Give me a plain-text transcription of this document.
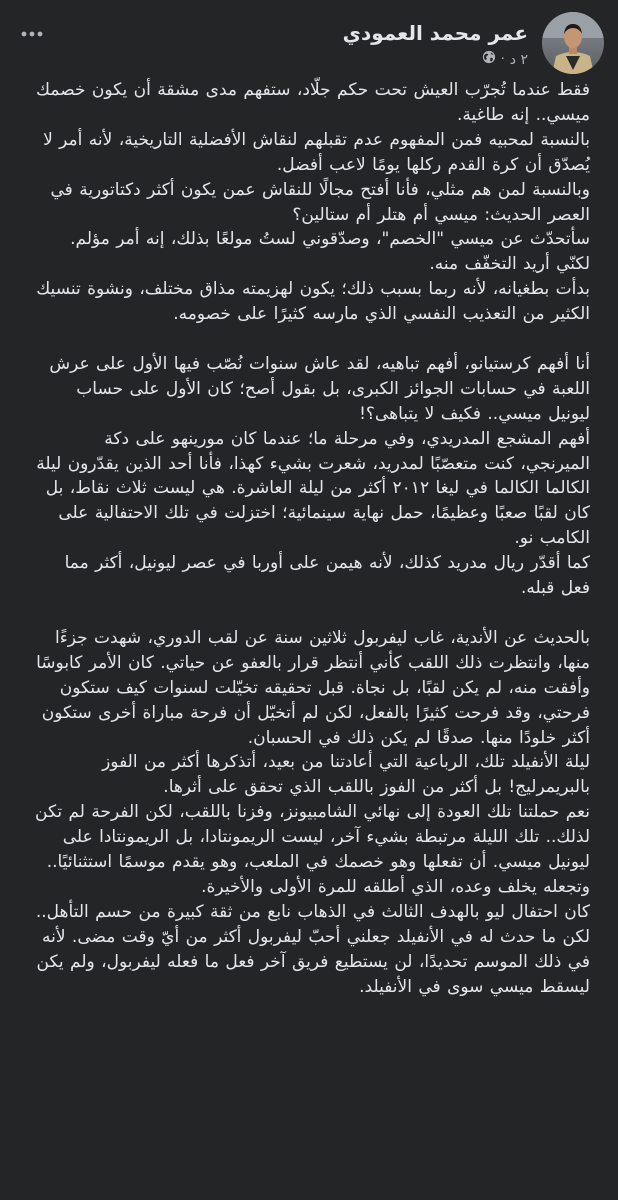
عمر محمد العمودي
٢ د
·

فقط عندما تُجرّب العيش تحت حكم جلّاد، ستفهم مدى مشقة أن يكون خصمك ميسي.. إنه طاغية.
بالنسبة لمحبيه فمن المفهوم عدم تقبلهم لنقاش الأفضلية التاريخية، لأنه أمر لا يُصدّق أن كرة القدم ركلها يومًا لاعب أفضل.
وبالنسبة لمن هم مثلي، فأنا أفتح مجالًا للنقاش عمن يكون أكثر دكتاتورية في العصر الحديث: ميسي أم هتلر أم ستالين؟
سأتحدّث عن ميسي "الخصم"، وصدّقوني لستُ مولعًا بذلك، إنه أمر مؤلم. لكنّي أريد التخفّف منه.
بدأت بطغيانه، لأنه ربما بسبب ذلك؛ يكون لهزيمته مذاق مختلف، ونشوة تنسيك الكثير من التعذيب النفسي الذي مارسه كثيرًا على خصومه.

أنا أفهم كرستيانو، أفهم تباهيه، لقد عاش سنوات نُصّب فيها الأول على عرش اللعبة في حسابات الجوائز الكبرى، بل بقول أصح؛ كان الأول على حساب ليونيل ميسي.. فكيف لا يتباهى؟!
أفهم المشجع المدريدي، وفي مرحلة ما؛ عندما كان مورينهو على دكة الميرنجي، كنت متعصّبًا لمدريد، شعرت بشيء كهذا، فأنا أحد الذين يقدّرون ليلة الكالما الكالما في ليغا ٢٠١٢ أكثر من ليلة العاشرة. هي ليست ثلاث نقاط، بل كان لقبًا صعبًا وعظيمًا، حمل نهاية سينمائية؛ اختزلت في تلك الاحتفالية على الكامب نو.
كما أقدّر ريال مدريد كذلك، لأنه هيمن على أوربا في عصر ليونيل، أكثر مما فعل قبله.

بالحديث عن الأندية، غاب ليفربول ثلاثين سنة عن لقب الدوري، شهدت جزءًا منها، وانتظرت ذلك اللقب كأني أنتظر قرار بالعفو عن حياتي. كان الأمر كابوسًا وأفقت منه، لم يكن لقبًا، بل نجاة. قبل تحقيقه تخيّلت لسنوات كيف ستكون فرحتي، وقد فرحت كثيرًا بالفعل، لكن لم أتخيّل أن فرحة مباراة أخرى ستكون أكثر خلودًا منها. صدقًا لم يكن ذلك في الحسبان.
ليلة الأنفيلد تلك، الرباعية التي أعادتنا من بعيد، أتذكرها أكثر من الفوز بالبريمرليج! بل أكثر من الفوز باللقب الذي تحقق على أثرها.
نعم حملتنا تلك العودة إلى نهائي الشامبيونز، وفزنا باللقب، لكن الفرحة لم تكن لذلك.. تلك الليلة مرتبطة بشيء آخر، ليست الريمونتادا، بل الريمونتادا على ليونيل ميسي. أن تفعلها وهو خصمك في الملعب، وهو يقدم موسمًا استثنائيًا.. وتجعله يخلف وعده، الذي أطلقه للمرة الأولى والأخيرة.
كان احتفال ليو بالهدف الثالث في الذهاب نابع من ثقة كبيرة من حسم التأهل.. لكن ما حدث له في الأنفيلد جعلني أحبّ ليفربول أكثر من أيّ وقت مضى. لأنه في ذلك الموسم تحديدًا، لن يستطيع فريق آخر فعل ما فعله ليفربول، ولم يكن ليسقط ميسي سوى في الأنفيلد.
